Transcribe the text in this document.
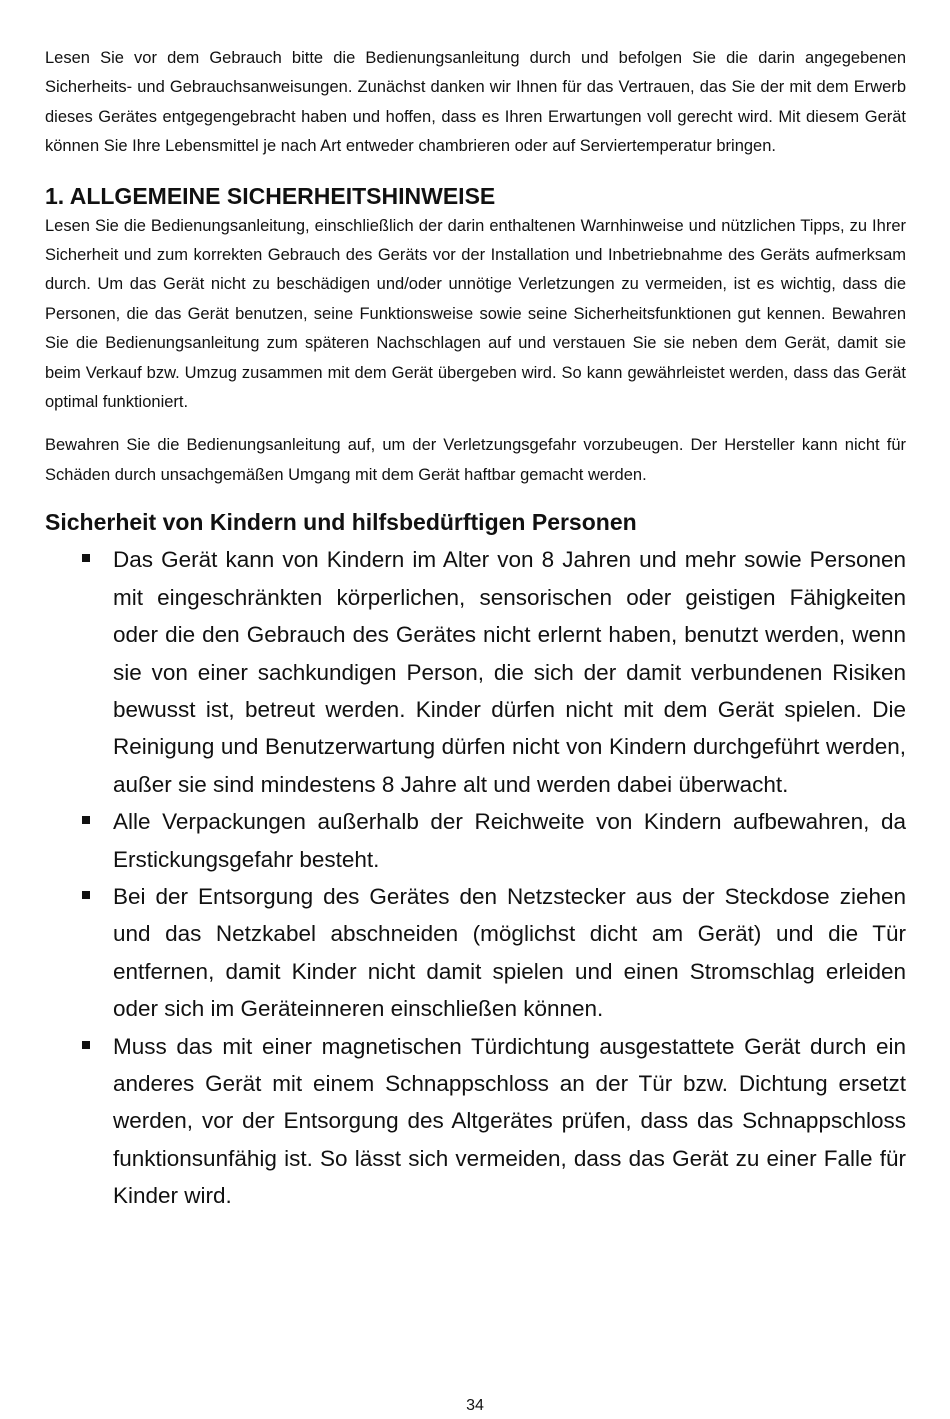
Lesen Sie vor dem Gebrauch bitte die Bedienungsanleitung durch und befolgen Sie die darin angegebenen Sicherheits- und Gebrauchsanweisungen. Zunächst danken wir Ihnen für das Vertrauen, das Sie der mit dem Erwerb dieses Gerätes entgegengebracht haben und hoffen, dass es Ihren Erwartungen voll gerecht wird. Mit diesem Gerät können Sie Ihre Lebensmittel je nach Art entweder chambrieren oder auf Serviertemperatur bringen.

1. ALLGEMEINE SICHERHEITSHINWEISE

Lesen Sie die Bedienungsanleitung, einschließlich der darin enthaltenen Warnhinweise und nützlichen Tipps, zu Ihrer Sicherheit und zum korrekten Gebrauch des Geräts vor der Installation und Inbetriebnahme des Geräts aufmerksam durch. Um das Gerät nicht zu beschädigen und/oder unnötige Verletzungen zu vermeiden, ist es wichtig, dass die Personen, die das Gerät benutzen, seine Funktionsweise sowie seine Sicherheitsfunktionen gut kennen. Bewahren Sie die Bedienungsanleitung zum späteren Nachschlagen auf und verstauen Sie sie neben dem Gerät, damit sie beim Verkauf bzw. Umzug zusammen mit dem Gerät übergeben wird. So kann gewährleistet werden, dass das Gerät optimal funktioniert.

Bewahren Sie die Bedienungsanleitung auf, um der Verletzungsgefahr vorzubeugen. Der Hersteller kann nicht für Schäden durch unsachgemäßen Umgang mit dem Gerät haftbar gemacht werden.

Sicherheit von Kindern und hilfsbedürftigen Personen
Das Gerät kann von Kindern im Alter von 8 Jahren und mehr sowie Personen mit eingeschränkten körperlichen, sensorischen oder geistigen Fähigkeiten oder die den Gebrauch des Gerätes nicht erlernt haben, benutzt werden, wenn sie von einer sachkundigen Person, die sich der damit verbundenen Risiken bewusst ist, betreut werden. Kinder dürfen nicht mit dem Gerät spielen. Die Reinigung und Benutzerwartung dürfen nicht von Kindern durchgeführt werden, außer sie sind mindestens 8 Jahre alt und werden dabei überwacht.
Alle Verpackungen außerhalb der Reichweite von Kindern aufbewahren, da Erstickungsgefahr besteht.
Bei der Entsorgung des Gerätes den Netzstecker aus der Steckdose ziehen und das Netzkabel abschneiden (möglichst dicht am Gerät) und die Tür entfernen, damit Kinder nicht damit spielen und einen Stromschlag erleiden oder sich im Geräteinneren einschließen können.
Muss das mit einer magnetischen Türdichtung ausgestattete Gerät durch ein anderes Gerät mit einem Schnappschloss an der Tür bzw. Dichtung ersetzt werden, vor der Entsorgung des Altgerätes prüfen, dass das Schnappschloss funktionsunfähig ist. So lässt sich vermeiden, dass das Gerät zu einer Falle für Kinder wird.
34
